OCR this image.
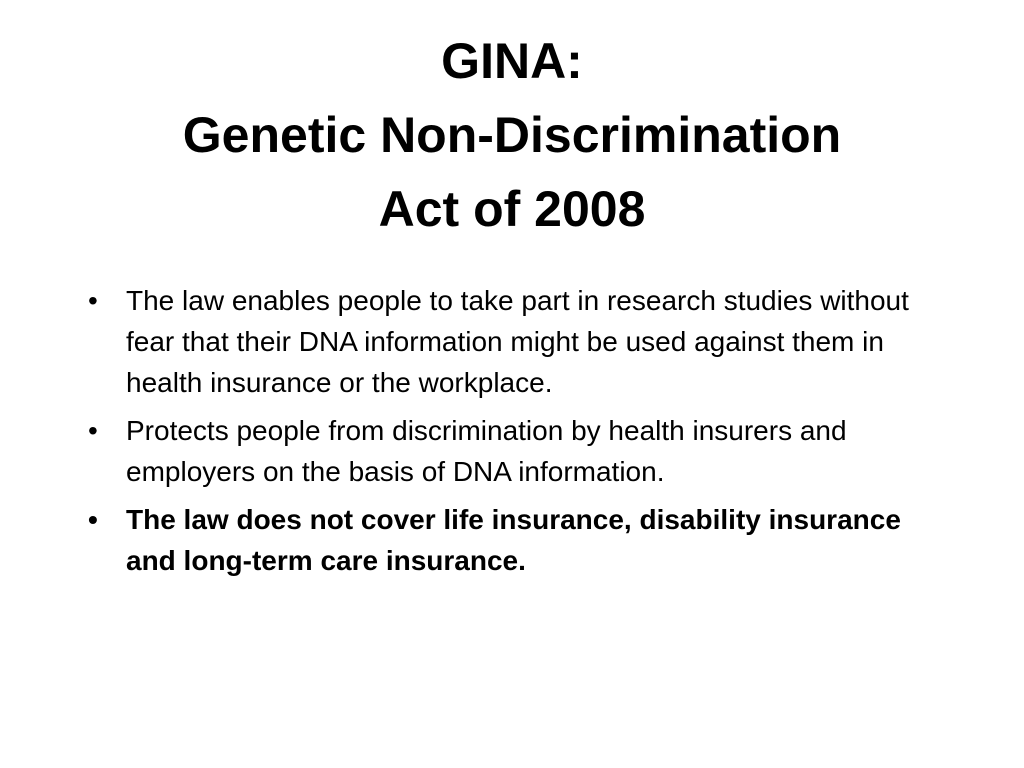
GINA:
Genetic Non-Discrimination
Act of 2008
• The law enables people to take part in research studies without fear that their DNA information might be used against them in health insurance or the workplace.
• Protects people from discrimination by health insurers and employers on the basis of DNA information.
• The law does not cover life insurance, disability insurance and long-term care insurance.
